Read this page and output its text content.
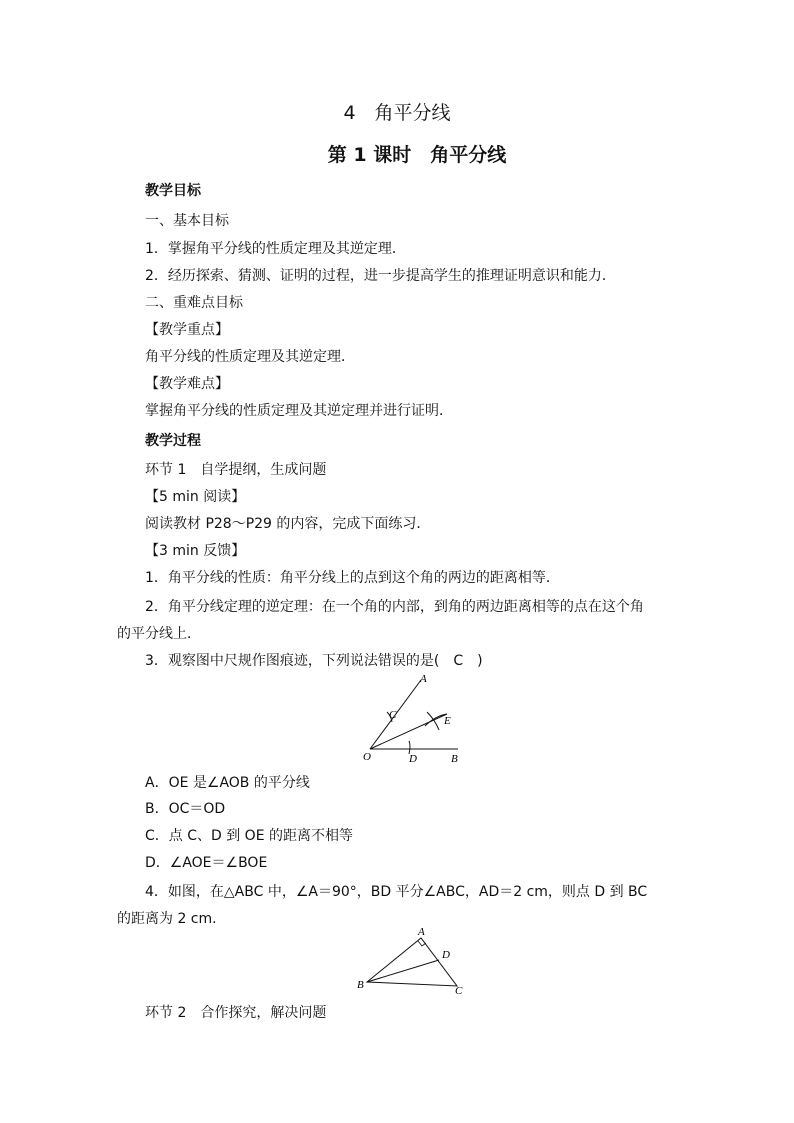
4　角平分线
第 1 课时　角平分线
教学目标
一、基本目标
1．掌握角平分线的性质定理及其逆定理．
2．经历探索、猜测、证明的过程，进一步提高学生的推理证明意识和能力．
二、重难点目标
【教学重点】
角平分线的性质定理及其逆定理．
【教学难点】
掌握角平分线的性质定理及其逆定理并进行证明．
教学过程
环节 1　自学提纲，生成问题
【5 min 阅读】
阅读教材 P28～P29 的内容，完成下面练习．
【3 min 反馈】
1．角平分线的性质：角平分线上的点到这个角的两边的距离相等．
2．角平分线定理的逆定理：在一个角的内部，到角的两边距离相等的点在这个角的平分线上．
3．观察图中尺规作图痕迹，下列说法错误的是(　C　)
A
C	E
O	D	B
A．OE 是∠AOB 的平分线
B．OC＝OD
C．点 C、D 到 OE 的距离不相等
D．∠AOE＝∠BOE
4．如图，在△ABC 中，∠A＝90°，BD 平分∠ABC，AD＝2 cm，则点 D 到 BC 的距离为 2 cm.
A
D
B	C
环节 2　合作探究，解决问题
